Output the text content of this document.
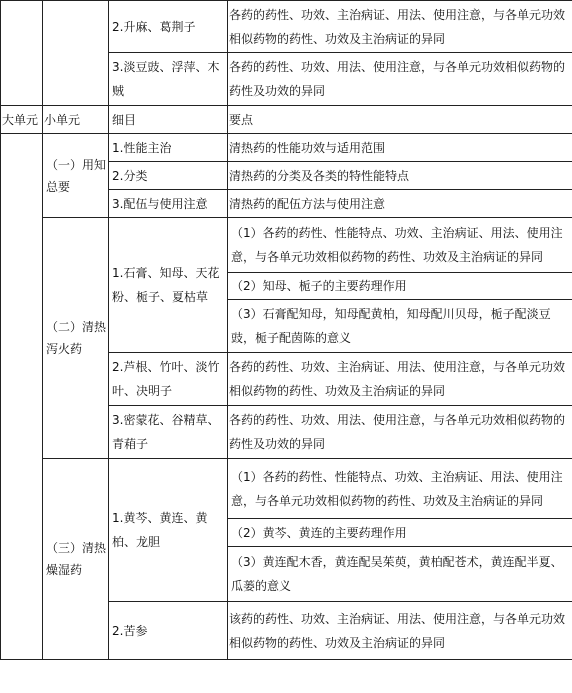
		2.升麻、葛荆子	各药的药性、功效、主治病证、用法、使用注意，与各单元功效相似药物的药性、功效及主治病证的异同
		3.淡豆豉、浮萍、木贼	各药的药性、功效、用法、使用注意，与各单元功效相似药物的药性及功效的异同
大单元	小单元	细目	要点
	（一）用知总要	1.性能主治	清热药的性能功效与适用范围
		2.分类	清热药的分类及各类的特性能特点
		3.配伍与使用注意	清热药的配伍方法与使用注意
	（二）清热泻火药	1.石膏、知母、天花粉、栀子、夏枯草	（1）各药的药性、性能特点、功效、主治病证、用法、使用注意，与各单元功效相似药物的药性、功效及主治病证的异同
			（2）知母、栀子的主要药理作用
			（3）石膏配知母，知母配黄柏，知母配川贝母，栀子配淡豆豉，栀子配茵陈的意义
		2.芦根、竹叶、淡竹叶、决明子	各药的药性、功效、主治病证、用法、使用注意，与各单元功效相似药物的药性、功效及主治病证的异同
		3.密蒙花、谷精草、青葙子	各药的药性、功效、用法、使用注意，与各单元功效相似药物的药性及功效的异同
	（三）清热燥湿药	1.黄芩、黄连、黄柏、龙胆	（1）各药的药性、性能特点、功效、主治病证、用法、使用注意，与各单元功效相似药物的药性、功效及主治病证的异同
			（2）黄芩、黄连的主要药理作用
			（3）黄连配木香，黄连配吴茱萸，黄柏配苍术，黄连配半夏、瓜蒌的意义
		2.苦参	该药的药性、功效、主治病证、用法、使用注意，与各单元功效相似药物的药性、功效及主治病证的异同
